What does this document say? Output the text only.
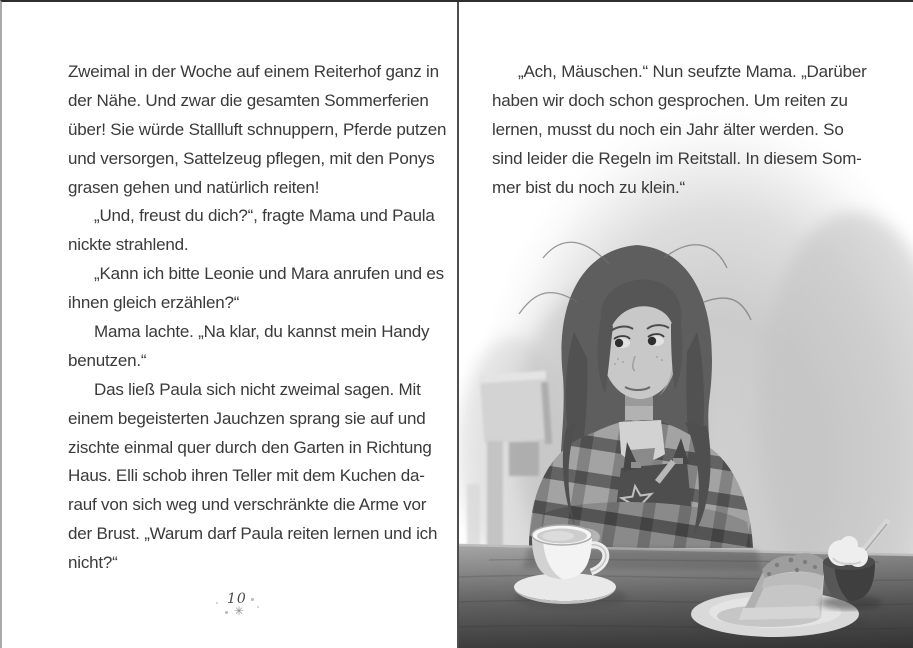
Zweimal in der Woche auf einem Reiterhof ganz in
der Nähe. Und zwar die gesamten Sommerferien
über! Sie würde Stallluft schnuppern, Pferde putzen
und versorgen, Sattelzeug pflegen, mit den Ponys
grasen gehen und natürlich reiten!
„Und, freust du dich?“, fragte Mama und Paula
nickte strahlend.
„Kann ich bitte Leonie und Mara anrufen und es
ihnen gleich erzählen?“
Mama lachte. „Na klar, du kannst mein Handy
benutzen.“
Das ließ Paula sich nicht zweimal sagen. Mit
einem begeisterten Jauchzen sprang sie auf und
zischte einmal quer durch den Garten in Richtung
Haus. Elli schob ihren Teller mit dem Kuchen da-
rauf von sich weg und verschränkte die Arme vor
der Brust. „Warum darf Paula reiten lernen und ich
nicht?“
10
✳
„Ach, Mäuschen.“ Nun seufzte Mama. „Darüber
haben wir doch schon gesprochen. Um reiten zu
lernen, musst du noch ein Jahr älter werden. So
sind leider die Regeln im Reitstall. In diesem Som-
mer bist du noch zu klein.“
